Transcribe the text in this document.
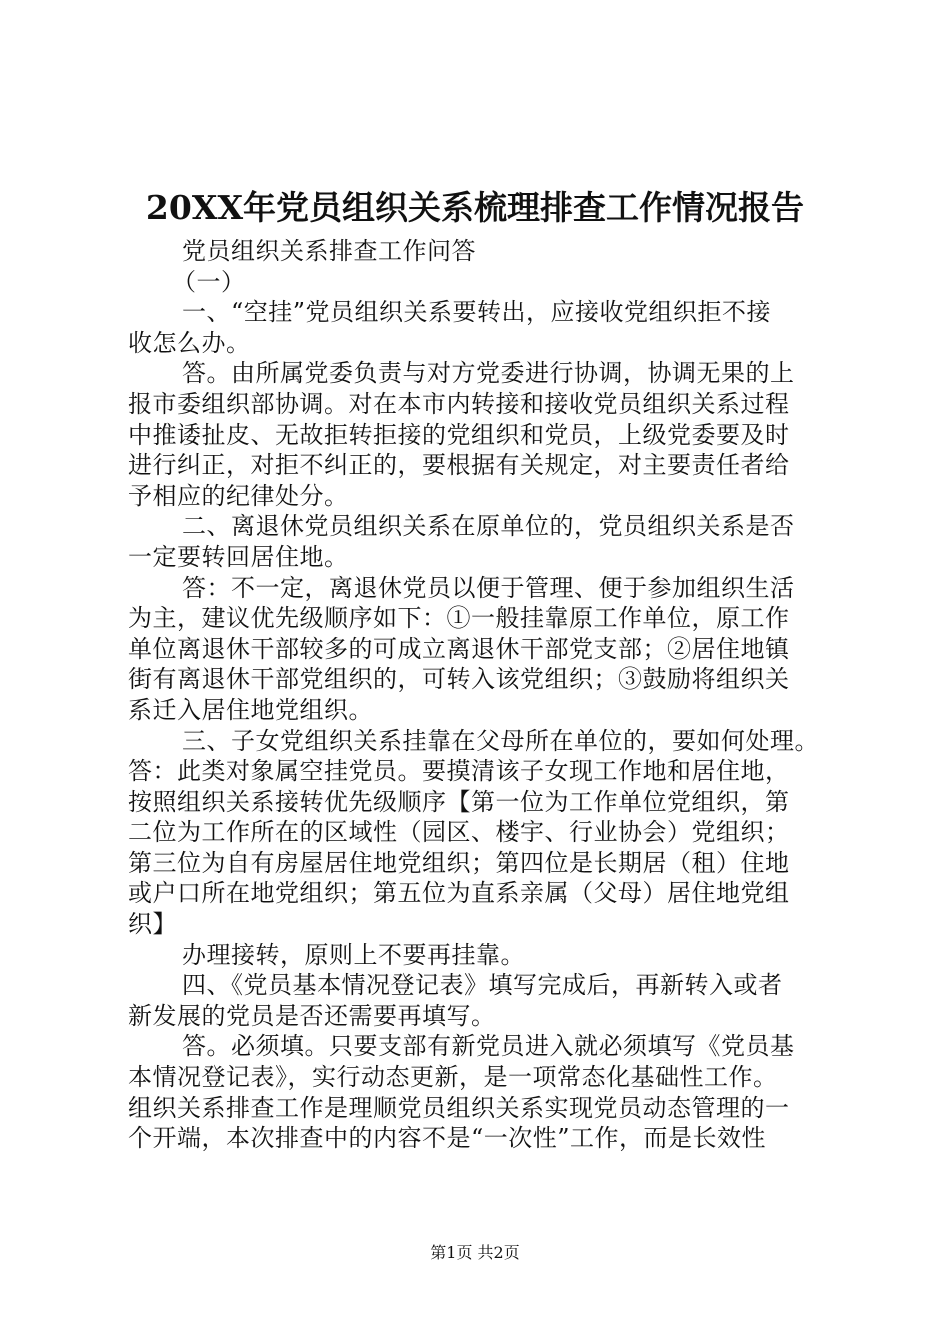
20XX年党员组织关系梳理排查工作情况报告
党员组织关系排查工作问答
（一）
一、“空挂”党员组织关系要转出，应接收党组织拒不接
收怎么办。
答。由所属党委负责与对方党委进行协调，协调无果的上
报市委组织部协调。对在本市内转接和接收党员组织关系过程
中推诿扯皮、无故拒转拒接的党组织和党员，上级党委要及时
进行纠正，对拒不纠正的，要根据有关规定，对主要责任者给
予相应的纪律处分。
二、离退休党员组织关系在原单位的，党员组织关系是否
一定要转回居住地。
答：不一定，离退休党员以便于管理、便于参加组织生活
为主，建议优先级顺序如下：①一般挂靠原工作单位，原工作
单位离退休干部较多的可成立离退休干部党支部；②居住地镇
街有离退休干部党组织的，可转入该党组织；③鼓励将组织关
系迁入居住地党组织。
三、子女党组织关系挂靠在父母所在单位的，要如何处理。
答：此类对象属空挂党员。要摸清该子女现工作地和居住地，
按照组织关系接转优先级顺序【第一位为工作单位党组织，第
二位为工作所在的区域性（园区、楼宇、行业协会）党组织；
第三位为自有房屋居住地党组织；第四位是长期居（租）住地
或户口所在地党组织；第五位为直系亲属（父母）居住地党组
织】
办理接转，原则上不要再挂靠。
四、《党员基本情况登记表》填写完成后，再新转入或者
新发展的党员是否还需要再填写。
答。必须填。只要支部有新党员进入就必须填写《党员基
本情况登记表》，实行动态更新，是一项常态化基础性工作。
组织关系排查工作是理顺党员组织关系实现党员动态管理的一
个开端，本次排查中的内容不是“一次性”工作，而是长效性
第1页 共2页
